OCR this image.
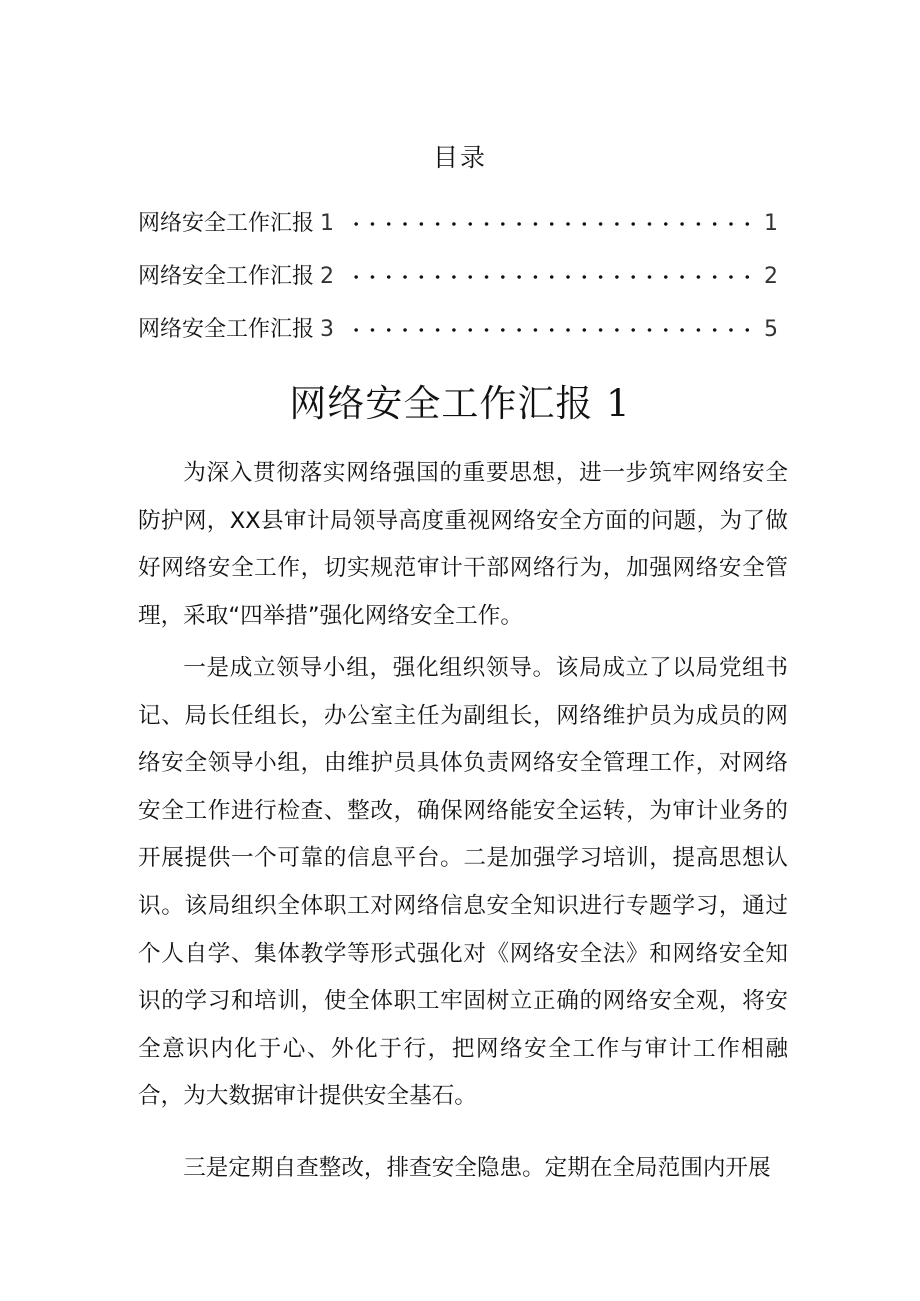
目录
网络安全工作汇报 1	1
网络安全工作汇报 2	2
网络安全工作汇报 3	5
网络安全工作汇报 1

为深入贯彻落实网络强国的重要思想，进一步筑牢网络安全防护网，XX县审计局领导高度重视网络安全方面的问题，为了做好网络安全工作，切实规范审计干部网络行为，加强网络安全管理，采取“四举措”强化网络安全工作。

一是成立领导小组，强化组织领导。该局成立了以局党组书记、局长任组长，办公室主任为副组长，网络维护员为成员的网络安全领导小组，由维护员具体负责网络安全管理工作，对网络安全工作进行检查、整改，确保网络能安全运转，为审计业务的开展提供一个可靠的信息平台。二是加强学习培训，提高思想认识。该局组织全体职工对网络信息安全知识进行专题学习，通过个人自学、集体教学等形式强化对《网络安全法》和网络安全知识的学习和培训，使全体职工牢固树立正确的网络安全观，将安全意识内化于心、外化于行，把网络安全工作与审计工作相融合，为大数据审计提供安全基石。

三是定期自查整改，排查安全隐患。定期在全局范围内开展
